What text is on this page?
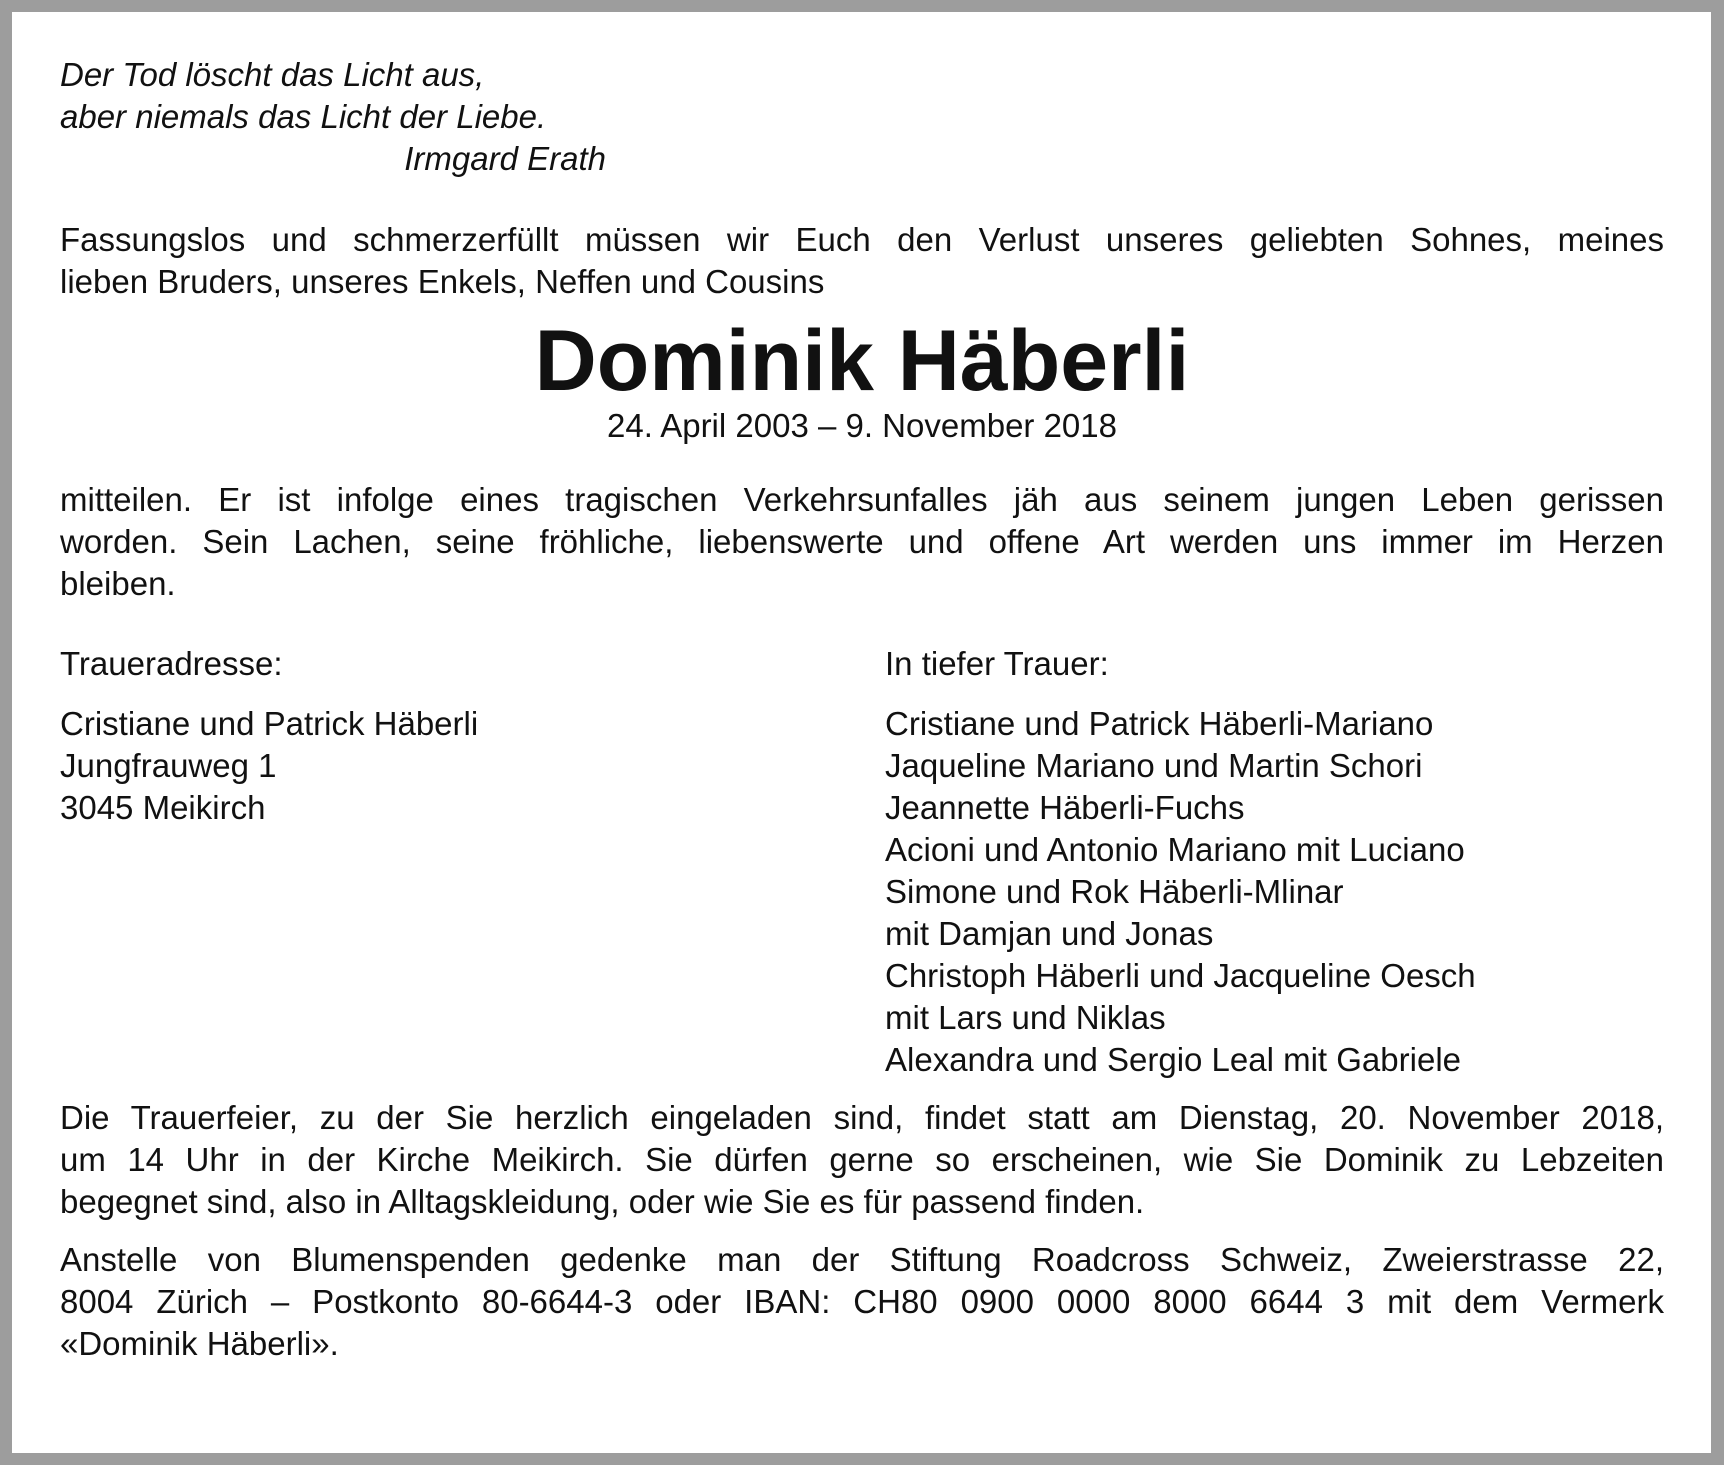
Der Tod löscht das Licht aus,
aber niemals das Licht der Liebe.
Irmgard Erath

Fassungslos und schmerzerfüllt müssen wir Euch den Verlust unseres geliebten Sohnes, meines

lieben Bruders, unseres Enkels, Neffen und Cousins

Dominik Häberli

24. April 2003 – 9. November 2018

mitteilen. Er ist infolge eines tragischen Verkehrsunfalles jäh aus seinem jungen Leben gerissen

worden. Sein Lachen, seine fröhliche, liebenswerte und offene Art werden uns immer im Herzen

bleiben.

Traueradresse:

Cristiane und Patrick Häberli

Jungfrauweg 1

3045 Meikirch

In tiefer Trauer:

Cristiane und Patrick Häberli-Mariano

Jaqueline Mariano und Martin Schori

Jeannette Häberli-Fuchs

Acioni und Antonio Mariano mit Luciano

Simone und Rok Häberli-Mlinar

mit Damjan und Jonas

Christoph Häberli und Jacqueline Oesch

mit Lars und Niklas

Alexandra und Sergio Leal mit Gabriele

Die Trauerfeier, zu der Sie herzlich eingeladen sind, findet statt am Dienstag, 20. November 2018,

um 14 Uhr in der Kirche Meikirch. Sie dürfen gerne so erscheinen, wie Sie Dominik zu Lebzeiten

begegnet sind, also in Alltagskleidung, oder wie Sie es für passend finden.

Anstelle von Blumenspenden gedenke man der Stiftung Roadcross Schweiz, Zweierstrasse 22,

8004 Zürich – Postkonto 80-6644-3 oder IBAN: CH80 0900 0000 8000 6644 3 mit dem Vermerk

«Dominik Häberli».
